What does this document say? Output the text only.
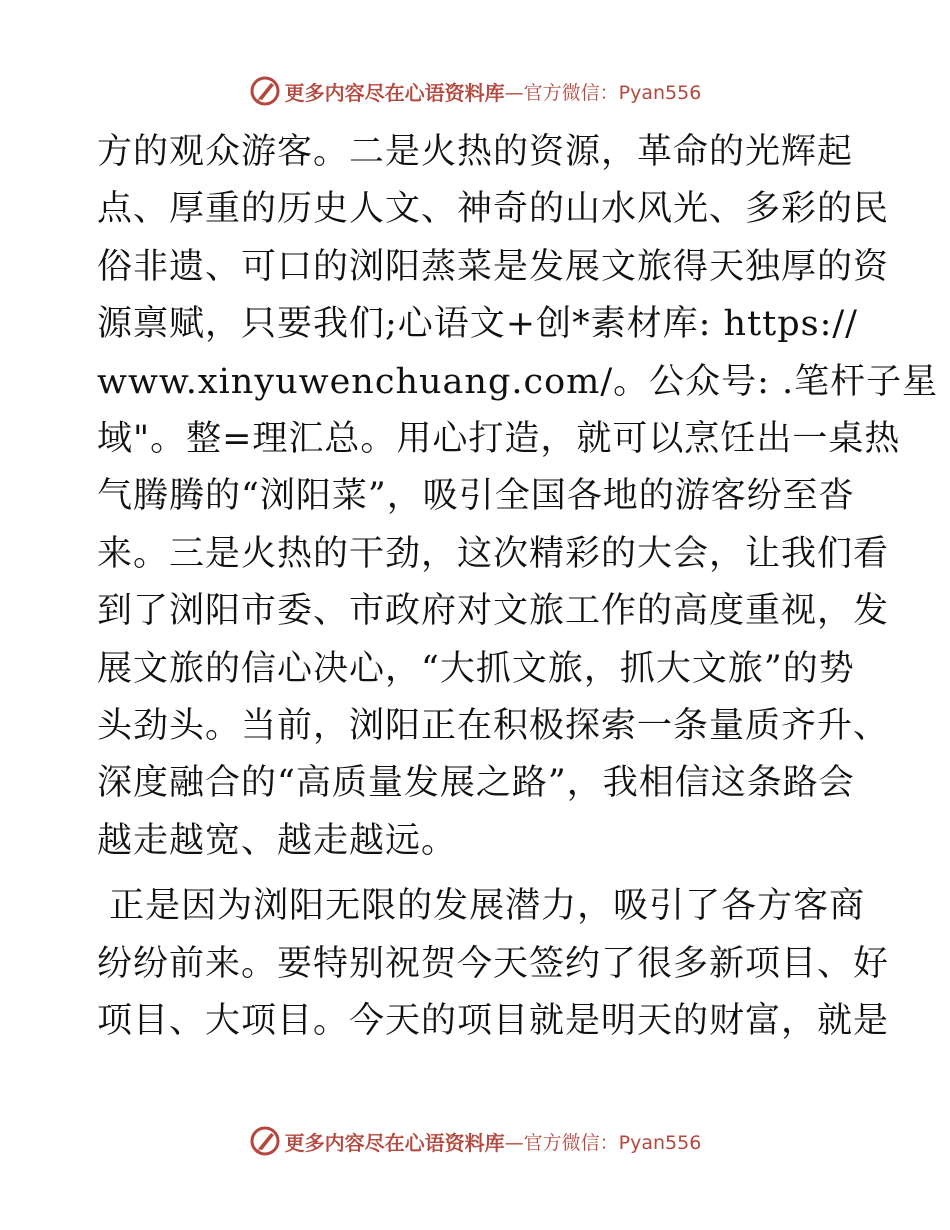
更多内容尽在心语资料库 —官方微信：Pyan556

方的观众游客。二是火热的资源，革命的光辉起
点、厚重的历史人文、神奇的山水风光、多彩的民
俗非遗、可口的浏阳蒸菜是发展文旅得天独厚的资
源禀赋，只要我们;心语文+创*素材库: https://
www.xinyuwenchuang.com/。公众号: .笔杆子星
域"。整=理汇总。用心打造，就可以烹饪出一桌热
气腾腾的“浏阳菜”，吸引全国各地的游客纷至沓
来。三是火热的干劲，这次精彩的大会，让我们看
到了浏阳市委、市政府对文旅工作的高度重视，发
展文旅的信心决心，“大抓文旅，抓大文旅”的势
头劲头。当前，浏阳正在积极探索一条量质齐升、
深度融合的“高质量发展之路”，我相信这条路会
越走越宽、越走越远。

正是因为浏阳无限的发展潜力，吸引了各方客商
纷纷前来。要特别祝贺今天签约了很多新项目、好
项目、大项目。今天的项目就是明天的财富，就是

更多内容尽在心语资料库 —官方微信：Pyan556
